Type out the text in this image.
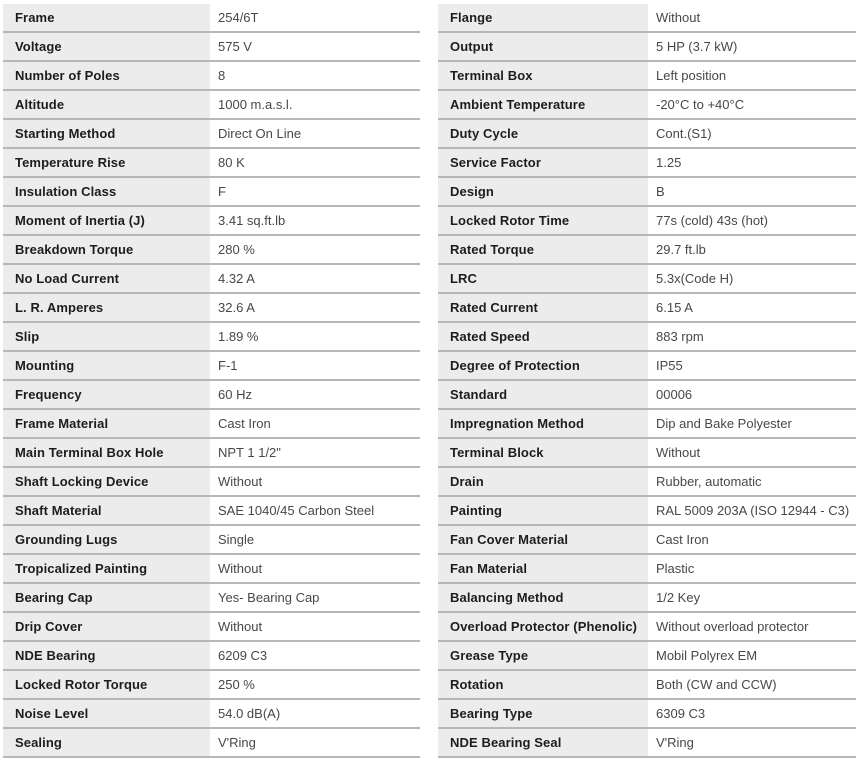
Frame	254/6T
Voltage	575 V
Number of Poles	8
Altitude	1000 m.a.s.l.
Starting Method	Direct On Line
Temperature Rise	80 K
Insulation Class	F
Moment of Inertia (J)	3.41 sq.ft.lb
Breakdown Torque	280 %
No Load Current	4.32 A
L. R. Amperes	32.6 A
Slip	1.89 %
Mounting	F-1
Frequency	60 Hz
Frame Material	Cast Iron
Main Terminal Box Hole	NPT 1 1/2"
Shaft Locking Device	Without
Shaft Material	SAE 1040/45 Carbon Steel
Grounding Lugs	Single
Tropicalized Painting	Without
Bearing Cap	Yes- Bearing Cap
Drip Cover	Without
NDE Bearing	6209 C3
Locked Rotor Torque	250 %
Noise Level	54.0 dB(A)
Sealing	V'Ring
Flange	Without
Output	5 HP (3.7 kW)
Terminal Box	Left position
Ambient Temperature	-20°C to +40°C
Duty Cycle	Cont.(S1)
Service Factor	1.25
Design	B
Locked Rotor Time	77s (cold) 43s (hot)
Rated Torque	29.7 ft.lb
LRC	5.3x(Code H)
Rated Current	6.15 A
Rated Speed	883 rpm
Degree of Protection	IP55
Standard	00006
Impregnation Method	Dip and Bake Polyester
Terminal Block	Without
Drain	Rubber, automatic
Painting	RAL 5009 203A (ISO 12944 - C3)
Fan Cover Material	Cast Iron
Fan Material	Plastic
Balancing Method	1/2 Key
Overload Protector (Phenolic)	Without overload protector
Grease Type	Mobil Polyrex EM
Rotation	Both (CW and CCW)
Bearing Type	6309 C3
NDE Bearing Seal	V'Ring
